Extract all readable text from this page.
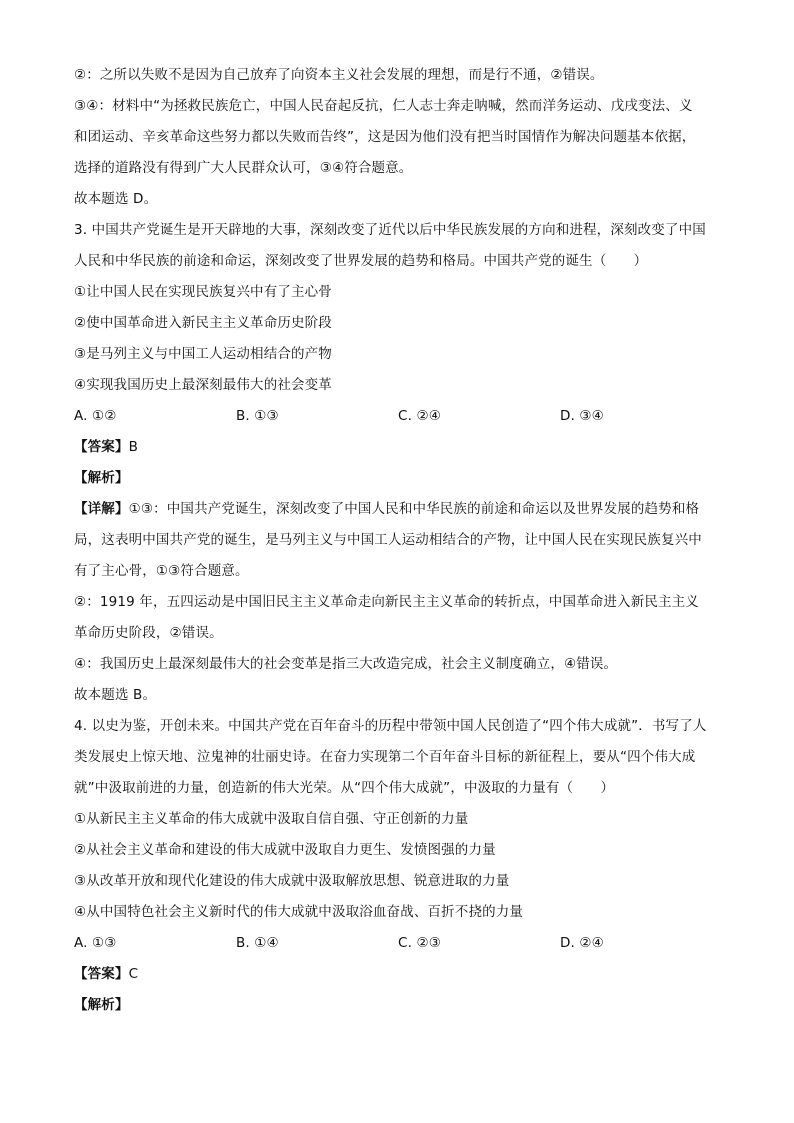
②：之所以失败不是因为自己放弃了向资本主义社会发展的理想，而是行不通，②错误。
③④：材料中“为拯救民族危亡，中国人民奋起反抗，仁人志士奔走呐喊，然而洋务运动、戊戌变法、义
和团运动、辛亥革命这些努力都以失败而告终”，这是因为他们没有把当时国情作为解决问题基本依据，
选择的道路没有得到广大人民群众认可，③④符合题意。
故本题选 D。
3. 中国共产党诞生是开天辟地的大事，深刻改变了近代以后中华民族发展的方向和进程，深刻改变了中国
人民和中华民族的前途和命运，深刻改变了世界发展的趋势和格局。中国共产党的诞生（　　）
①让中国人民在实现民族复兴中有了主心骨
②使中国革命进入新民主主义革命历史阶段
③是马列主义与中国工人运动相结合的产物
④实现我国历史上最深刻最伟大的社会变革
A. ①②	B. ①③	C. ②④	D. ③④
【答案】B
【解析】
【详解】①③：中国共产党诞生，深刻改变了中国人民和中华民族的前途和命运以及世界发展的趋势和格
局，这表明中国共产党的诞生，是马列主义与中国工人运动相结合的产物，让中国人民在实现民族复兴中
有了主心骨，①③符合题意。
②：1919 年，五四运动是中国旧民主主义革命走向新民主主义革命的转折点，中国革命进入新民主主义
革命历史阶段，②错误。
④：我国历史上最深刻最伟大的社会变革是指三大改造完成，社会主义制度确立，④错误。
故本题选 B。
4. 以史为鉴，开创未来。中国共产党在百年奋斗的历程中带领中国人民创造了“四个伟大成就”．书写了人
类发展史上惊天地、泣鬼神的壮丽史诗。在奋力实现第二个百年奋斗目标的新征程上，要从“四个伟大成
就”中汲取前进的力量，创造新的伟大光荣。从“四个伟大成就”，中汲取的力量有（　　）
①从新民主主义革命的伟大成就中汲取自信自强、守正创新的力量
②从社会主义革命和建设的伟大成就中汲取自力更生、发愤图强的力量
③从改革开放和现代化建设的伟大成就中汲取解放思想、锐意进取的力量
④从中国特色社会主义新时代的伟大成就中汲取浴血奋战、百折不挠的力量
A. ①③	B. ①④	C. ②③	D. ②④
【答案】C
【解析】
